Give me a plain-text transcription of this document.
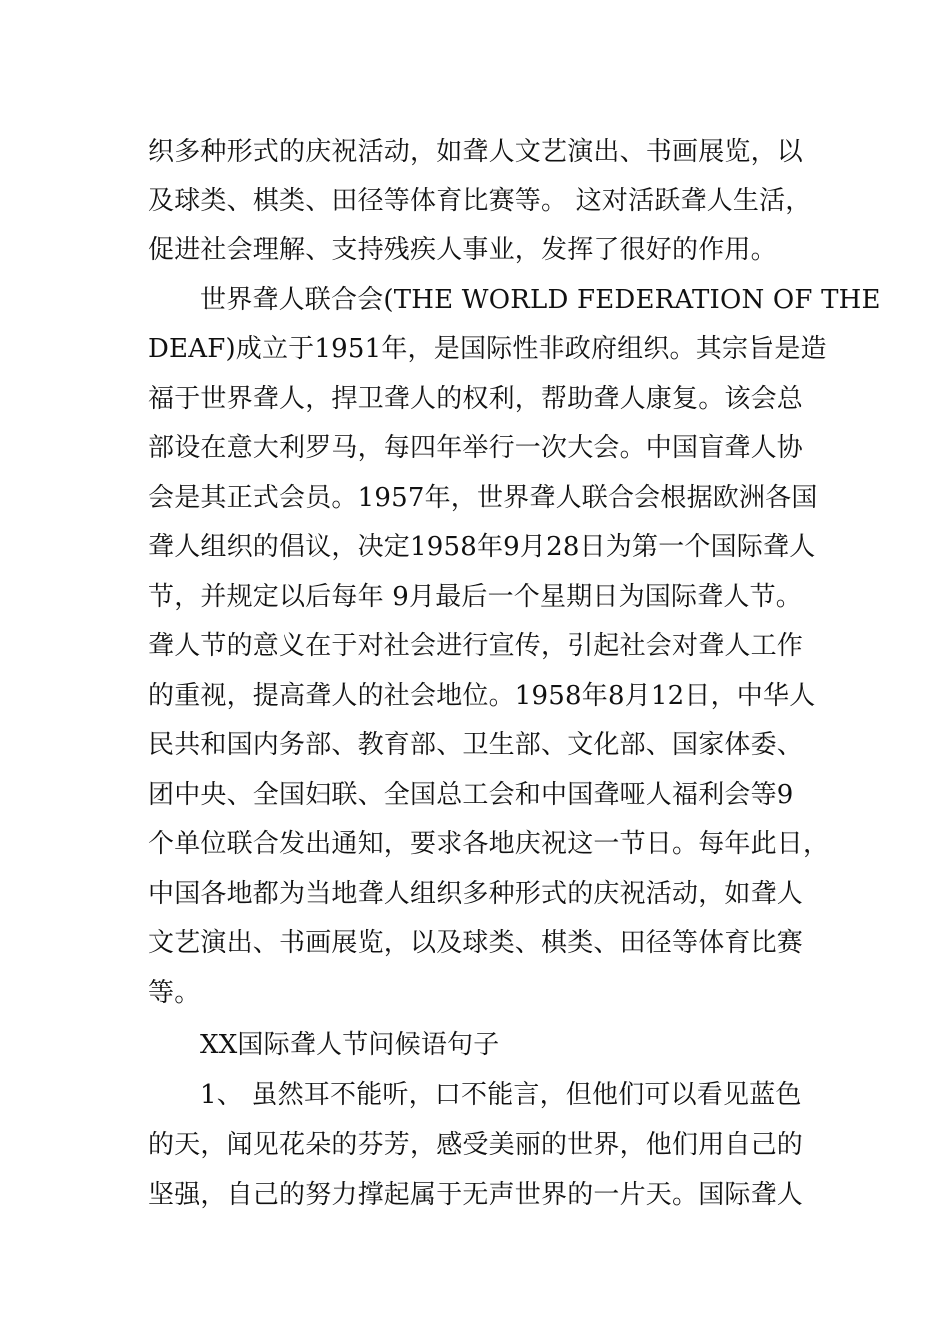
织多种形式的庆祝活动，如聋人文艺演出、书画展览，以
及球类、棋类、田径等体育比赛等。 这对活跃聋人生活，
促进社会理解、支持残疾人事业，发挥了很好的作用。
世界聋人联合会(THE WORLD FEDERATION OF THE
DEAF)成立于1951年，是国际性非政府组织。其宗旨是造
福于世界聋人，捍卫聋人的权利，帮助聋人康复。该会总
部设在意大利罗马，每四年举行一次大会。中国盲聋人协
会是其正式会员。1957年，世界聋人联合会根据欧洲各国
聋人组织的倡议，决定1958年9月28日为第一个国际聋人
节，并规定以后每年 9月最后一个星期日为国际聋人节。
聋人节的意义在于对社会进行宣传，引起社会对聋人工作
的重视，提高聋人的社会地位。1958年8月12日，中华人
民共和国内务部、教育部、卫生部、文化部、国家体委、
团中央、全国妇联、全国总工会和中国聋哑人福利会等9
个单位联合发出通知，要求各地庆祝这一节日。每年此日，
中国各地都为当地聋人组织多种形式的庆祝活动，如聋人
文艺演出、书画展览，以及球类、棋类、田径等体育比赛
等。
XX国际聋人节问候语句子
1、 虽然耳不能听，口不能言，但他们可以看见蓝色
的天，闻见花朵的芬芳，感受美丽的世界，他们用自己的
坚强，自己的努力撑起属于无声世界的一片天。国际聋人
